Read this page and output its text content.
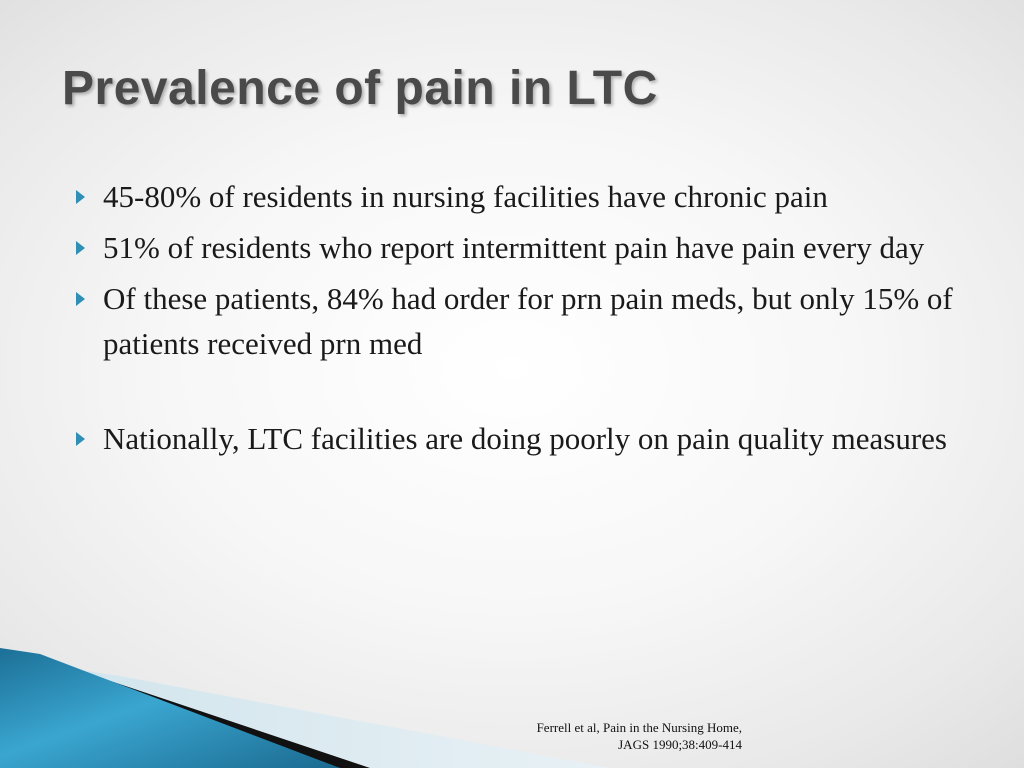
Prevalence of pain in LTC
45-80% of residents in nursing facilities have chronic pain
51% of residents who report intermittent pain have pain every day
Of these patients, 84% had order for prn pain meds, but only 15% of patients received prn med
Nationally, LTC facilities are doing poorly on pain quality measures

Ferrell et al, Pain in the Nursing Home,
JAGS 1990;38:409-414
